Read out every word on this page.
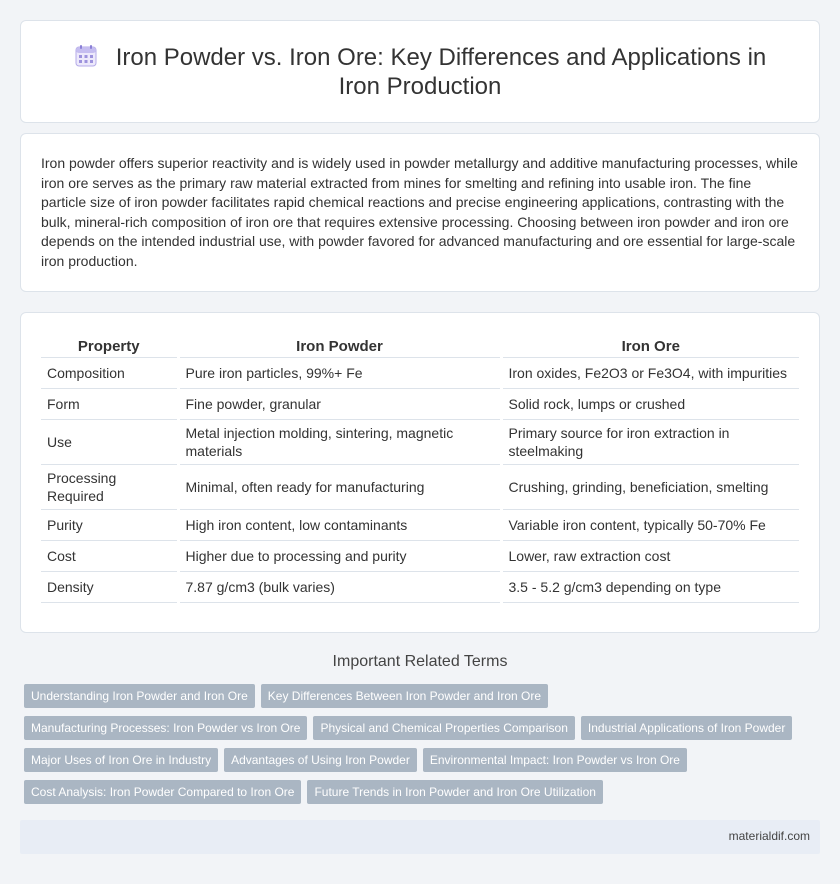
Iron Powder vs. Iron Ore: Key Differences and Applications in Iron Production

Iron powder offers superior reactivity and is widely used in powder metallurgy and additive manufacturing processes, while iron ore serves as the primary raw material extracted from mines for smelting and refining into usable iron. The fine particle size of iron powder facilitates rapid chemical reactions and precise engineering applications, contrasting with the bulk, mineral-rich composition of iron ore that requires extensive processing. Choosing between iron powder and iron ore depends on the intended industrial use, with powder favored for advanced manufacturing and ore essential for large-scale iron production.

Property	Iron Powder	Iron Ore
Composition	Pure iron particles, 99%+ Fe	Iron oxides, Fe2O3 or Fe3O4, with impurities
Form	Fine powder, granular	Solid rock, lumps or crushed
Use	Metal injection molding, sintering, magnetic materials	Primary source for iron extraction in steelmaking
Processing Required	Minimal, often ready for manufacturing	Crushing, grinding, beneficiation, smelting
Purity	High iron content, low contaminants	Variable iron content, typically 50-70% Fe
Cost	Higher due to processing and purity	Lower, raw extraction cost
Density	7.87 g/cm3 (bulk varies)	3.5 - 5.2 g/cm3 depending on type
Important Related Terms
Understanding Iron Powder and Iron Ore	Key Differences Between Iron Powder and Iron Ore
Manufacturing Processes: Iron Powder vs Iron Ore	Physical and Chemical Properties Comparison	Industrial Applications of Iron Powder
Major Uses of Iron Ore in Industry	Advantages of Using Iron Powder	Environmental Impact: Iron Powder vs Iron Ore
Cost Analysis: Iron Powder Compared to Iron Ore	Future Trends in Iron Powder and Iron Ore Utilization
materialdif.com
